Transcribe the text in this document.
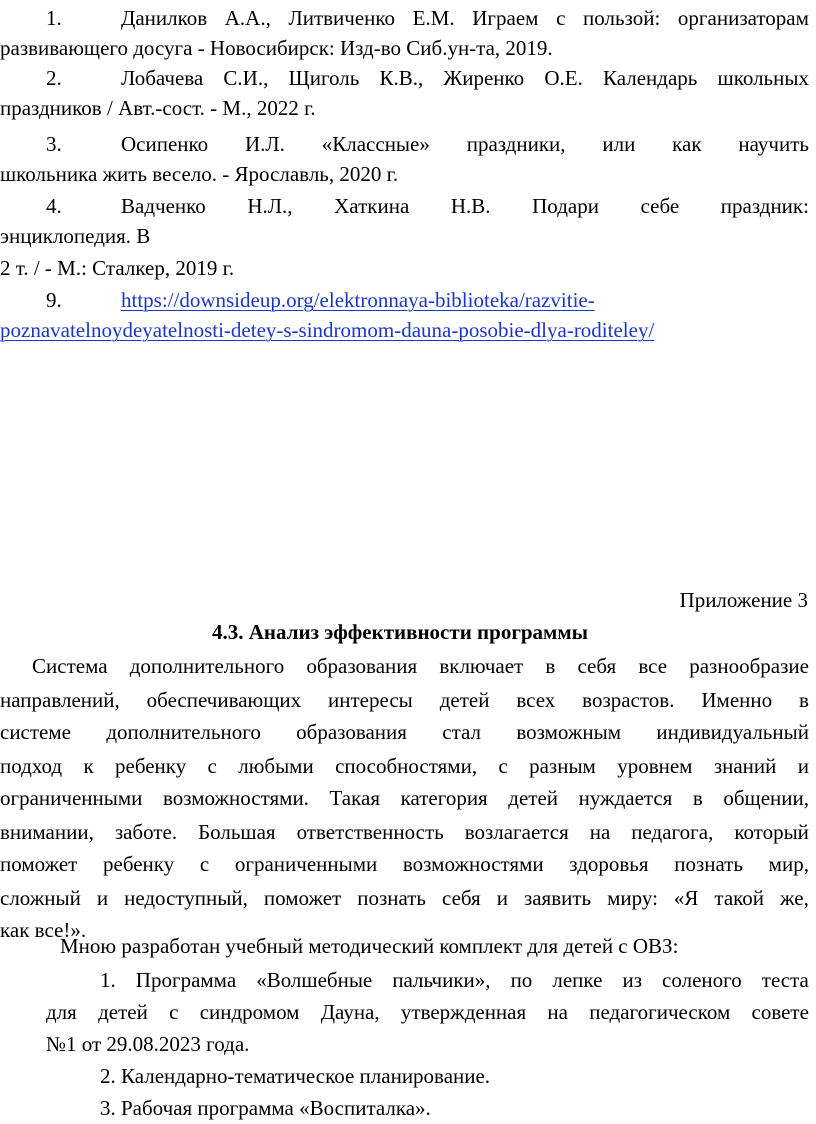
1.	Данилков А.А., Литвиченко Е.М. Играем с пользой: организаторам
развивающего досуга - Новосибирск: Изд-во Сиб.ун-та, 2019.
2.	Лобачева С.И., Щиголь К.В., Жиренко О.Е. Календарь школьных
праздников / Авт.-сост. - М., 2022 г.
3.	Осипенко И.Л. «Классные» праздники, или как научить
школьника жить весело. - Ярославль, 2020 г.
4.	Вадченко Н.Л., Хаткина Н.В. Подари себе праздник:
энциклопедия. В
2 т. / - М.: Сталкер, 2019 г.
9.	https://downsideup.org/elektronnaya-biblioteka/razvitie-
poznavatelnoydeyatelnosti-detey-s-sindromom-dauna-posobie-dlya-roditeley/
Приложение 3
4.3. Анализ эффективности программы
Система дополнительного образования включает в себя все разнообразие
направлений, обеспечивающих интересы детей всех возрастов. Именно в
системе дополнительного образования стал возможным индивидуальный
подход к ребенку с любыми способностями, с разным уровнем знаний и
ограниченными возможностями. Такая категория детей нуждается в общении,
внимании, заботе. Большая ответственность возлагается на педагога, который
поможет ребенку с ограниченными возможностями здоровья познать мир,
сложный и недоступный, поможет познать себя и заявить миру: «Я такой же,
как все!».
Мною разработан учебный методический комплект для детей с ОВЗ:
1. Программа «Волшебные пальчики», по лепке из соленого теста
для детей с синдромом Дауна, утвержденная на педагогическом совете
№1 от 29.08.2023 года.
2. Календарно-тематическое планирование.
3. Рабочая программа «Воспиталка».
